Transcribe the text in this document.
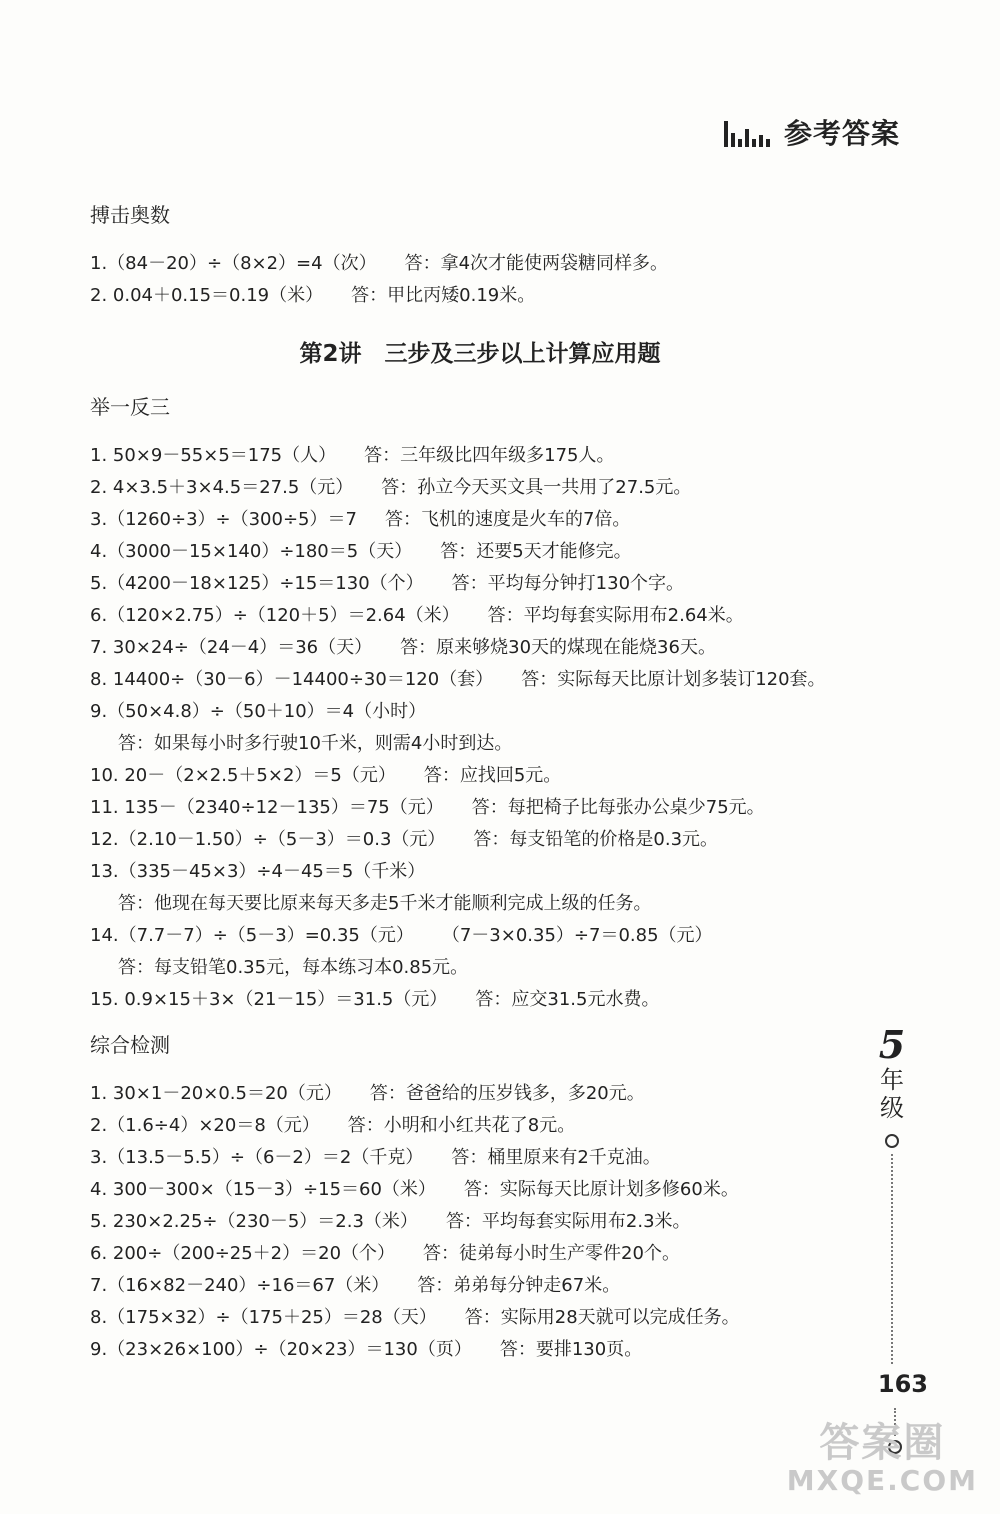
参考答案
搏击奥数
1.（84－20）÷（8×2）=4（次） 答：拿4次才能使两袋糖同样多。
2. 0.04＋0.15＝0.19（米） 答：甲比丙矮0.19米。
第2讲　三步及三步以上计算应用题
举一反三
1. 50×9－55×5＝175（人） 答：三年级比四年级多175人。
2. 4×3.5＋3×4.5＝27.5（元） 答：孙立今天买文具一共用了27.5元。
3.（1260÷3）÷（300÷5）＝7 答：飞机的速度是火车的7倍。
4.（3000－15×140）÷180＝5（天） 答：还要5天才能修完。
5.（4200－18×125）÷15＝130（个） 答：平均每分钟打130个字。
6.（120×2.75）÷（120＋5）＝2.64（米） 答：平均每套实际用布2.64米。
7. 30×24÷（24－4）＝36（天） 答：原来够烧30天的煤现在能烧36天。
8. 14400÷（30－6）－14400÷30＝120（套） 答：实际每天比原计划多装订120套。
9.（50×4.8）÷（50＋10）＝4（小时）
答：如果每小时多行驶10千米，则需4小时到达。
10. 20－（2×2.5＋5×2）＝5（元） 答：应找回5元。
11. 135－（2340÷12－135）＝75（元） 答：每把椅子比每张办公桌少75元。
12.（2.10－1.50）÷（5－3）＝0.3（元） 答：每支铅笔的价格是0.3元。
13.（335－45×3）÷4－45＝5（千米）
答：他现在每天要比原来每天多走5千米才能顺利完成上级的任务。
14.（7.7－7）÷（5－3）=0.35（元） （7－3×0.35）÷7＝0.85（元）
答：每支铅笔0.35元，每本练习本0.85元。
15. 0.9×15＋3×（21－15）＝31.5（元） 答：应交31.5元水费。
综合检测
1. 30×1－20×0.5＝20（元） 答：爸爸给的压岁钱多，多20元。
2.（1.6÷4）×20＝8（元） 答：小明和小红共花了8元。
3.（13.5－5.5）÷（6－2）＝2（千克） 答：桶里原来有2千克油。
4. 300－300×（15－3）÷15＝60（米） 答：实际每天比原计划多修60米。
5. 230×2.25÷（230－5）＝2.3（米） 答：平均每套实际用布2.3米。
6. 200÷（200÷25＋2）＝20（个） 答：徒弟每小时生产零件20个。
7.（16×82－240）÷16＝67（米） 答：弟弟每分钟走67米。
8.（175×32）÷（175＋25）＝28（天） 答：实际用28天就可以完成任务。
9.（23×26×100）÷（20×23）＝130（页） 答：要排130页。
5
年
级
163
答案圈
MXQE.COM
